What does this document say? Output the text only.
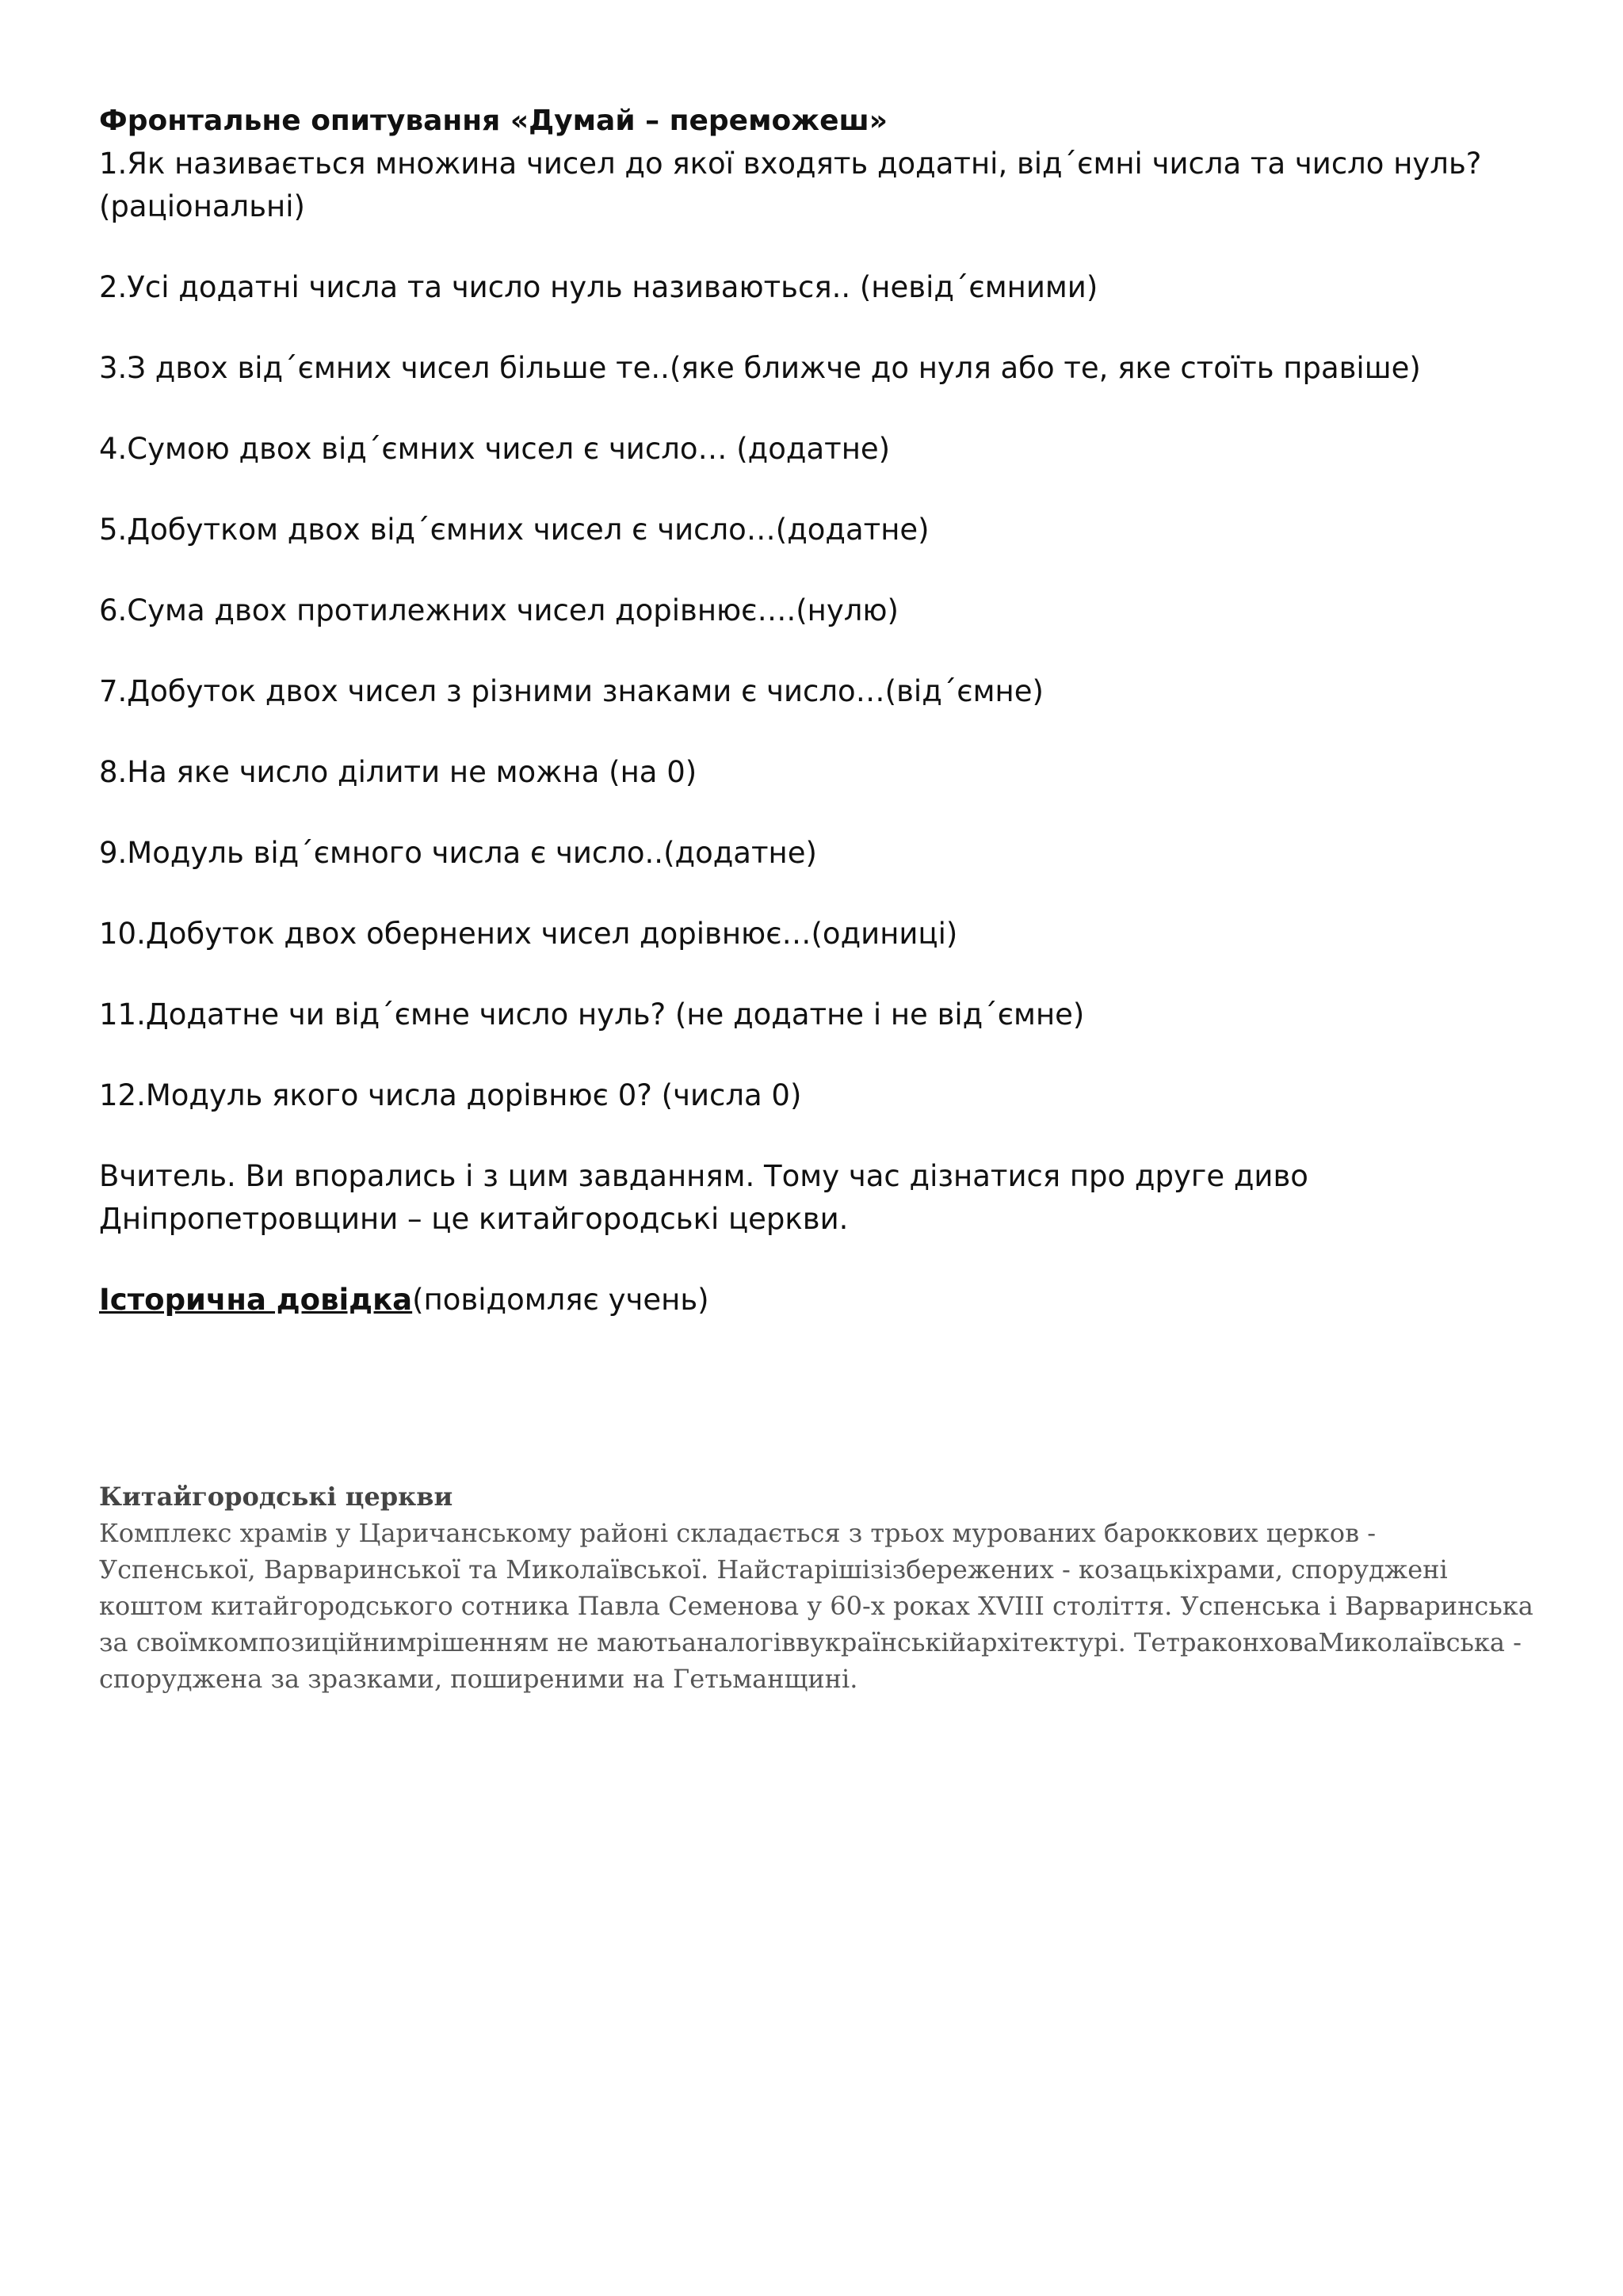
Фронтальне опитування «Думай – переможеш»

1.Як називається множина чисел до якої входять додатні, від´ємні числа та число нуль?
(раціональні)

2.Усі додатні числа та число нуль називаються.. (невід´ємними)

3.З двох від´ємних чисел більше те..(яке ближче до нуля або те, яке стоїть правіше)

4.Сумою двох від´ємних чисел є число… (додатне)

5.Добутком двох від´ємних чисел є число…(додатне)

6.Сума двох протилежних чисел дорівнює….(нулю)

7.Добуток двох чисел з різними знаками є число…(від´ємне)

8.На яке число ділити не можна (на 0)

9.Модуль від´ємного числа є число..(додатне)

10.Добуток двох обернених чисел дорівнює…(одиниці)

11.Додатне чи від´ємне число нуль? (не додатне і не від´ємне)

12.Модуль якого числа дорівнює 0? (числа 0)

Вчитель. Ви впорались і з цим завданням. Тому час дізнатися про друге диво
Дніпропетровщини – це китайгородські церкви.

Історична довідка(повідомляє учень)

Китайгородські церкви

Комплекс храмів у Царичанському районі складається з трьох мурованих бароккових церков -

Успенської, Варваринської та Миколаївської. Найстарішізізбережених - козацькіхрами, споруджені

коштом китайгородського сотника Павла Семенова у 60-х роках XVIII століття. Успенська і Варваринська

за своїмкомпозиційнимрішенням не маютьаналогіввукраїнськійархітектурі. ТетраконховаМиколаївська -

споруджена за зразками, поширеними на Гетьманщині.
